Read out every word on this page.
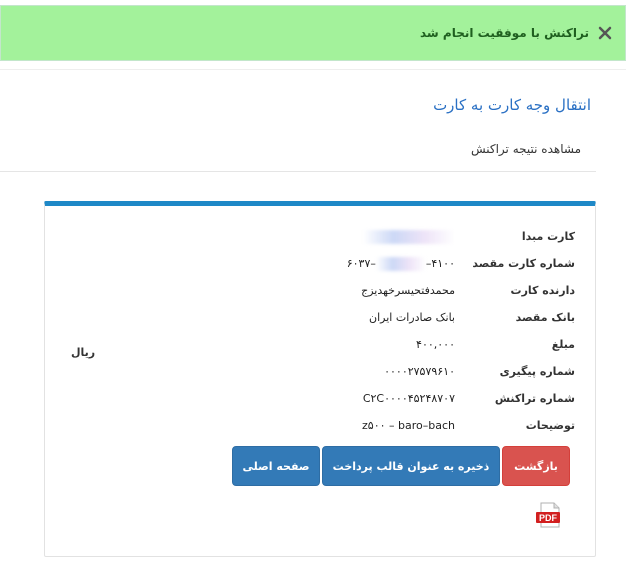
تراکنش با موفقیت انجام شد
انتقال وجه کارت به کارت
مشاهده نتیجه تراکنش
کارت مبدا
شماره کارت مقصد
۶۰۳۷–	–۴۱۰۰
دارنده کارت
محمدفتحیسرخهدیزج
بانک مقصد
بانک صادرات ایران
مبلغ
۴۰۰,۰۰۰
شماره پیگیری
۰۰۰۰۲۷۵۷۹۶۱۰
شماره تراکنش
C۲C۰۰۰۰۴۵۲۴۸۷۰۷
توضیحات
z۵۰۰ – baro–bach
ریال
بازگشت
ذخیره به عنوان قالب پرداخت
صفحه اصلی
PDF
